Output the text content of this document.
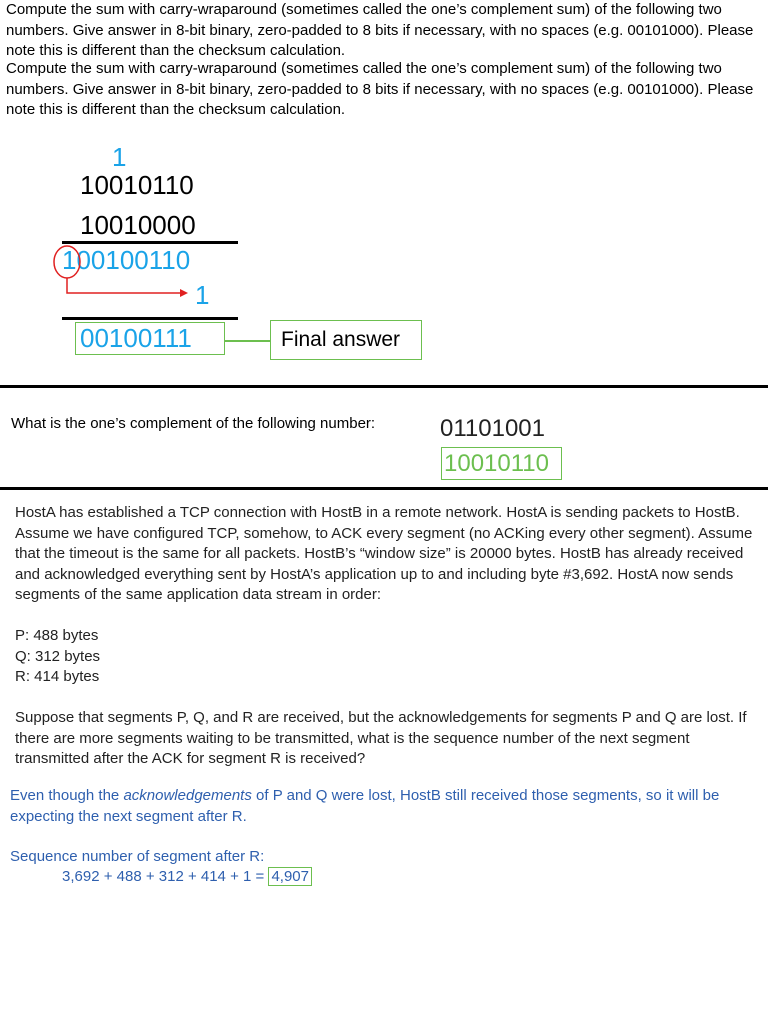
Compute the sum with carry-wraparound (sometimes called the one’s complement sum) of the following two numbers. Give answer in 8-bit binary, zero-padded to 8 bits if necessary, with no spaces (e.g. 00101000). Please note this is different than the checksum calculation.
Compute the sum with carry-wraparound (sometimes called the one’s complement sum) of the following two numbers. Give answer in 8-bit binary, zero-padded to 8 bits if necessary, with no spaces (e.g. 00101000). Please note this is different than the checksum calculation.
1
10010110
10010000
100100110
1
00100111	Final answer
What is the one’s complement of the following number:	01101001
10010110
HostA has established a TCP connection with HostB in a remote network. HostA is sending packets to HostB. Assume we have configured TCP, somehow, to ACK every segment (no ACKing every other segment). Assume that the timeout is the same for all packets. HostB’s “window size” is 20000 bytes. HostB has already received and acknowledged everything sent by HostA’s application up to and including byte #3,692. HostA now sends segments of the same application data stream in order:
P: 488 bytes
Q: 312 bytes
R: 414 bytes
Suppose that segments P, Q, and R are received, but the acknowledgements for segments P and Q are lost. If there are more segments waiting to be transmitted, what is the sequence number of the next segment transmitted after the ACK for segment R is received?
Even though the acknowledgements of P and Q were lost, HostB still received those segments, so it will be expecting the next segment after R.
Sequence number of segment after R:
3,692 + 488 + 312 + 414 + 1 = 4,907
